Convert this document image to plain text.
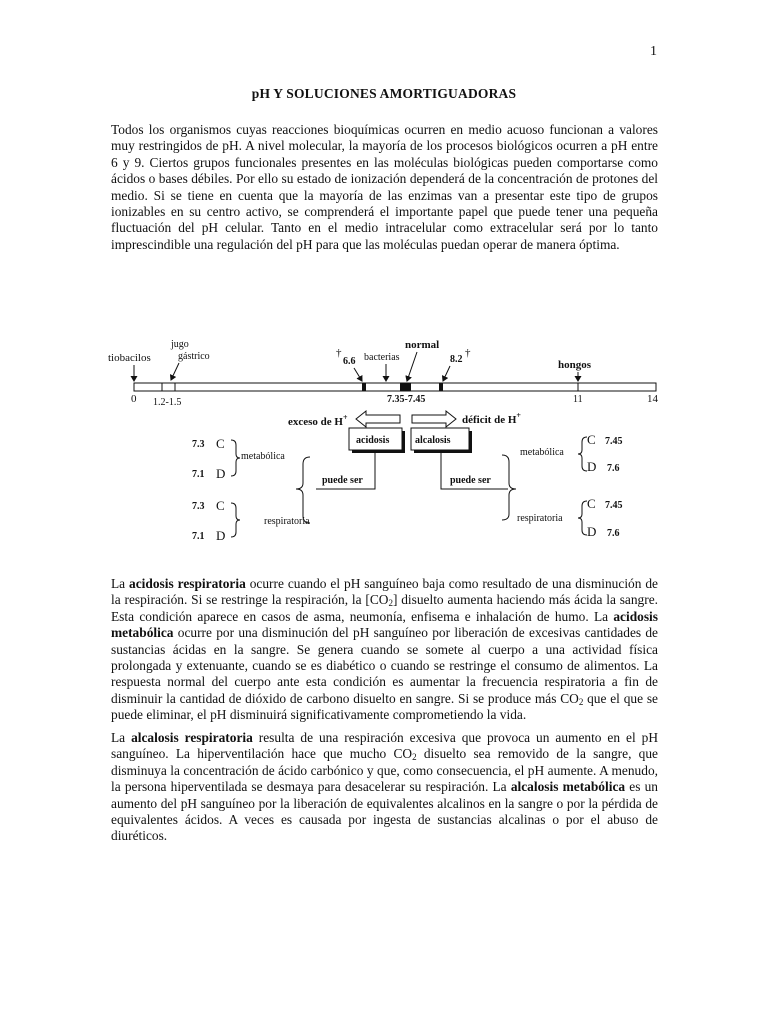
1
pH Y SOLUCIONES AMORTIGUADORAS

Todos los organismos cuyas reacciones bioquímicas ocurren en medio acuoso funcionan a valores muy restringidos de pH. A nivel molecular, la mayoría de los procesos biológicos ocurren a pH entre 6 y 9. Ciertos grupos funcionales presentes en las moléculas biológicas pueden comportarse como ácidos o bases débiles. Por ello su estado de ionización dependerá de la concentración de protones del medio. Si se tiene en cuenta que la mayoría de las enzimas van a presentar este tipo de grupos ionizables en su centro activo, se comprenderá el importante papel que puede tener una pequeña fluctuación del pH celular. Tanto en el medio intracelular como extracelular será por lo tanto imprescindible una regulación del pH para que las moléculas puedan operar de manera óptima.

0 1.2-1.5	11	14
tiobacilos
jugo
gástrico	†
6.6 bacterias
normal
7.35-7.45
8.2
†
hongos
exceso de H+	déficit de H+
acidosis	alcalosis
puede ser	puede ser
7.3 C
7.1 D
metabólica
7.3 C
7.1 D
respiratoria
metabólica
C 7.45
D 7.6
respiratoria
C 7.45
D 7.6

La acidosis respiratoria ocurre cuando el pH sanguíneo baja como resultado de una disminución de la respiración. Si se restringe la respiración, la $[CO_2]$ disuelto aumenta haciendo más ácida la sangre. Esta condición aparece en casos de asma, neumonía, enfisema e inhalación de humo. La acidosis metabólica ocurre por una disminución del pH sanguíneo por liberación de excesivas cantidades de sustancias ácidas en la sangre. Se genera cuando se somete al cuerpo a una actividad física prolongada y extenuante, cuando se es diabético o cuando se restringe el consumo de alimentos. La respuesta normal del cuerpo ante esta condición es aumentar la frecuencia respiratoria a fin de disminuir la cantidad de dióxido de carbono disuelto en sangre. Si se produce más $CO_2$ que el que se puede eliminar, el pH disminuirá significativamente comprometiendo la vida.

La alcalosis respiratoria resulta de una respiración excesiva que provoca un aumento en el pH sanguíneo. La hiperventilación hace que mucho $CO_2$ disuelto sea removido de la sangre, que disminuya la concentración de ácido carbónico y que, como consecuencia, el pH aumente. A menudo, la persona hiperventilada se desmaya para desacelerar su respiración. La alcalosis metabólica es un aumento del pH sanguíneo por la liberación de equivalentes alcalinos en la sangre o por la pérdida de equivalentes ácidos. A veces es causada por ingesta de sustancias alcalinas o por el abuso de diuréticos.
